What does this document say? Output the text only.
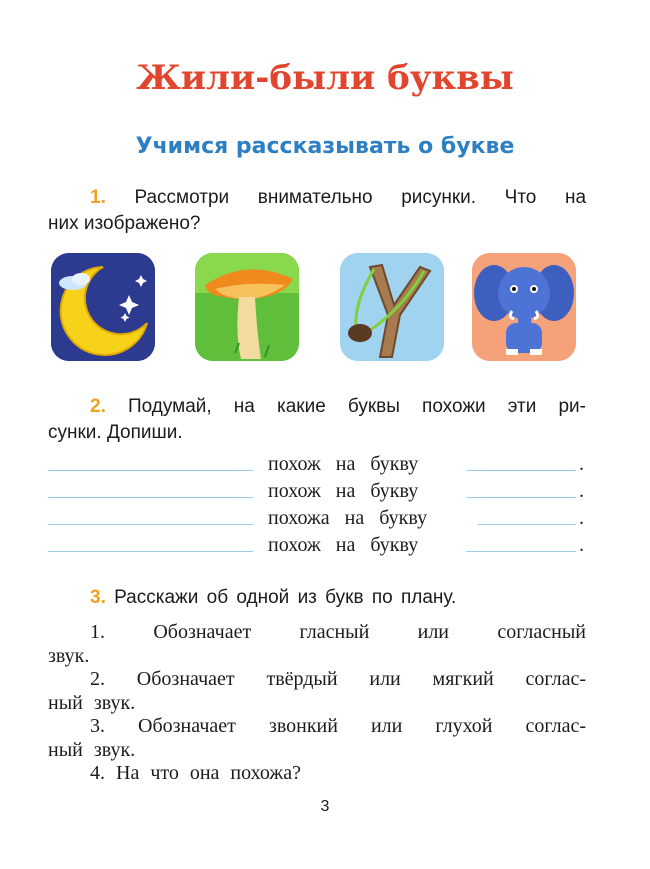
Жили-были буквы
Учимся рассказывать о букве
1. Рассмотри внимательно рисунки. Что на
них изображено?
2. Подумай, на какие буквы похожи эти ри-
сунки. Допиши.
похож на букву	.
похож на букву	.
похожа на букву	.
похож на букву	.
3. Расскажи об одной из букв по плану.
1. Обозначает гласный или согласный
звук.
2. Обозначает твёрдый или мягкий соглас-
ный звук.
3. Обозначает звонкий или глухой соглас-
ный звук.
4. На что она похожа?
3
